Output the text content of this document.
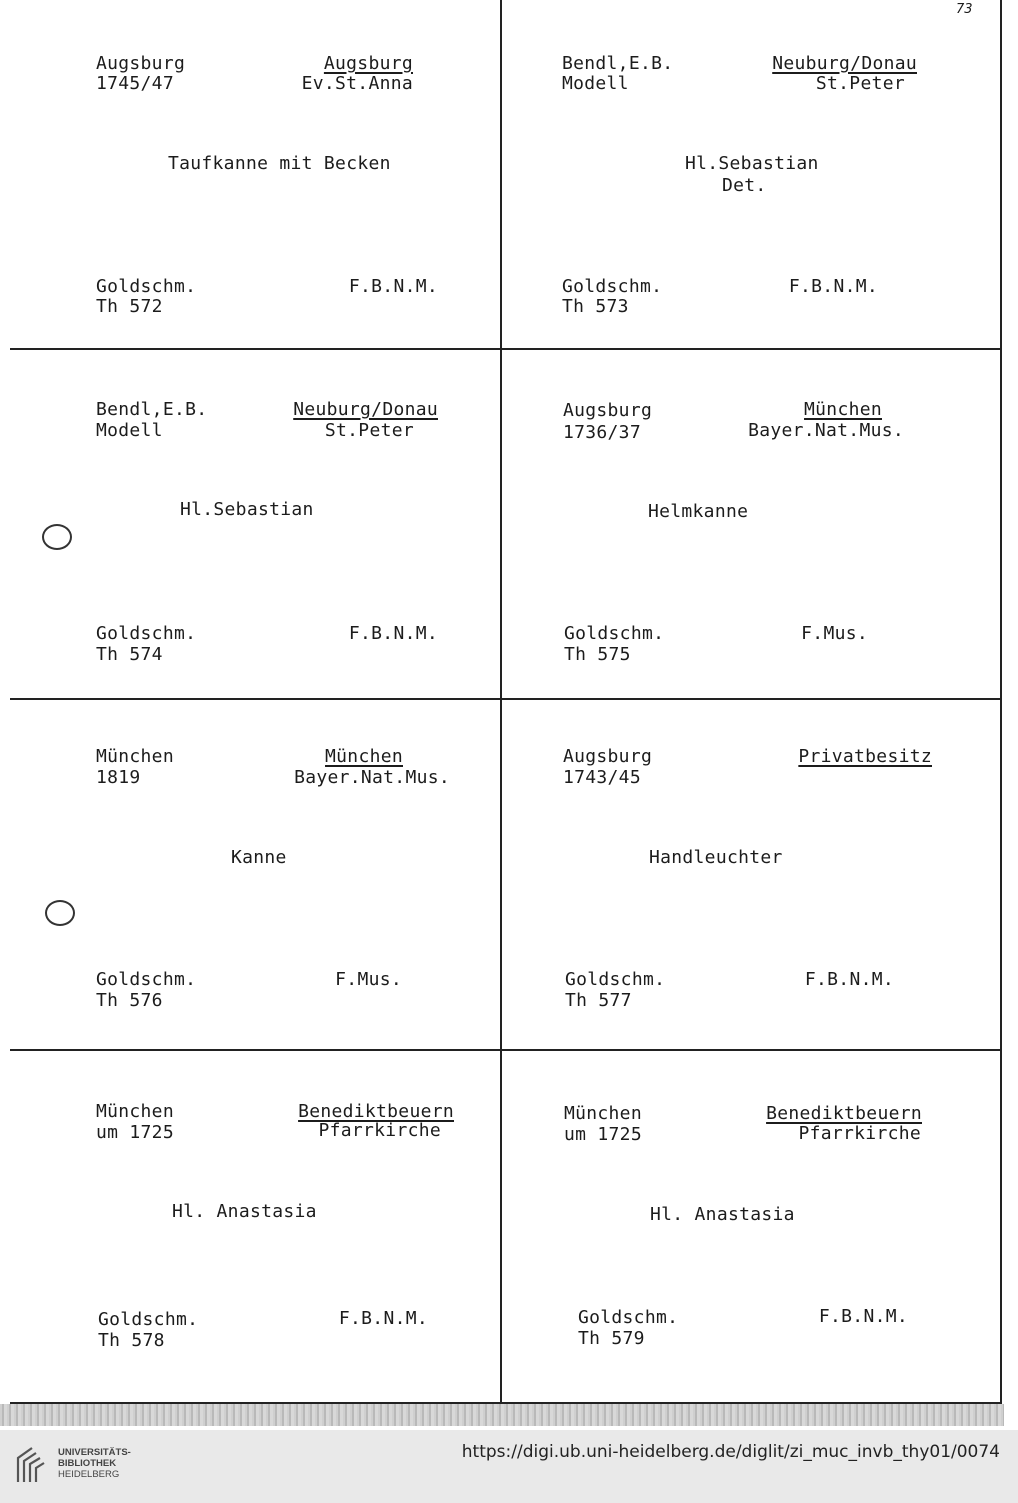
73
Augsburg
1745/47
Augsburg
Ev.St.Anna
Taufkanne mit Becken
Goldschm.
Th 572
F.B.N.M.
Bendl,E.B.
Modell
Neuburg/Donau
St.Peter
Hl.Sebastian
Det.
Goldschm.
Th 573
F.B.N.M.
Bendl,E.B.
Modell
Neuburg/Donau
St.Peter
Hl.Sebastian
Goldschm.
Th 574
F.B.N.M.
Augsburg
1736/37
München
Bayer.Nat.Mus.
Helmkanne
Goldschm.
Th 575
F.Mus.
München
1819
München
Bayer.Nat.Mus.
Kanne
Goldschm.
Th 576
F.Mus.
Augsburg
1743/45
Privatbesitz
Handleuchter
Goldschm.
Th 577
F.B.N.M.
München
um 1725
Benediktbeuern
Pfarrkirche
Hl. Anastasia
Goldschm.
Th 578
F.B.N.M.
München
um 1725
Benediktbeuern
Pfarrkirche
Hl. Anastasia
Goldschm.
Th 579
F.B.N.M.
UNIVERSITÄTS-
BIBLIOTHEK
HEIDELBERG
https://digi.ub.uni-heidelberg.de/diglit/zi_muc_invb_thy01/0074
